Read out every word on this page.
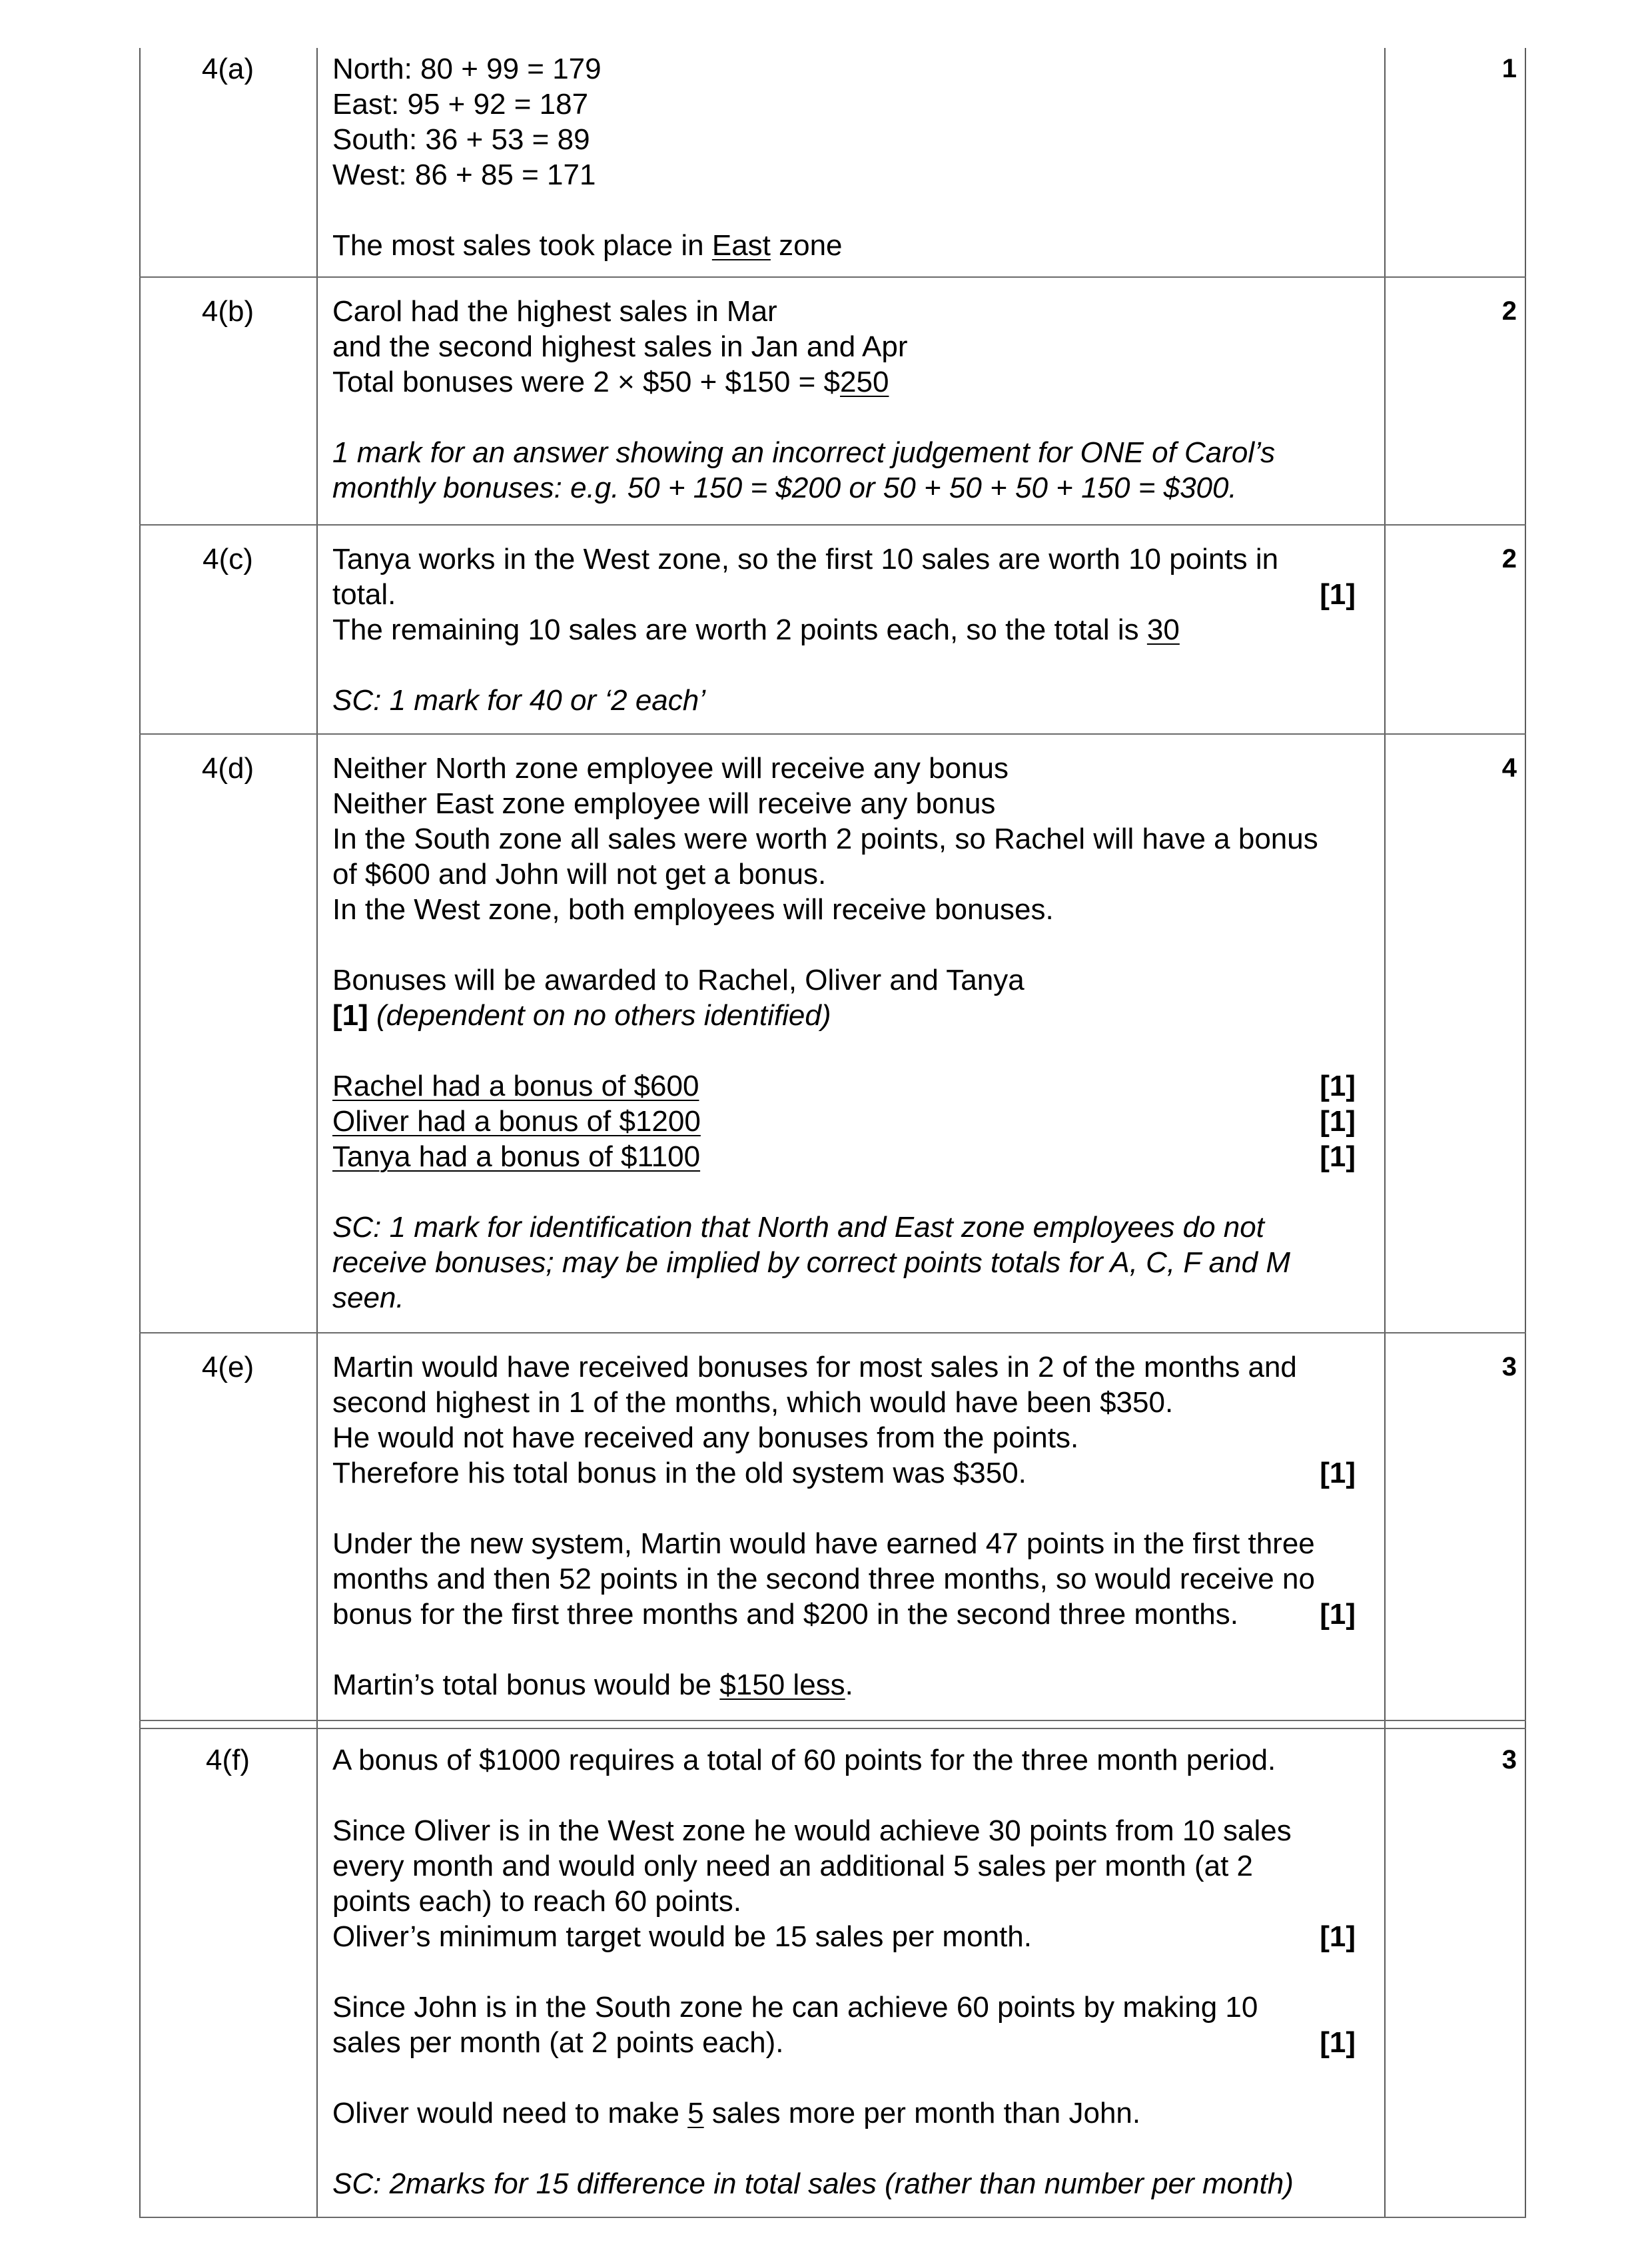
4(a)	North: 80 + 99 = 179
East: 95 + 92 = 187
South: 36 + 53 = 89
West: 86 + 85 = 171
The most sales took place in East zone
1
4(b)	Carol had the highest sales in Mar
and the second highest sales in Jan and Apr
Total bonuses were 2 × $50 + $150 = $250
1 mark for an answer showing an incorrect judgement for ONE of Carol’s
monthly bonuses: e.g. 50 + 150 = $200 or 50 + 50 + 50 + 150 = $300.
2
4(c)	Tanya works in the West zone, so the first 10 sales are worth 10 points in
total.	[1]
The remaining 10 sales are worth 2 points each, so the total is 30
SC: 1 mark for 40 or ‘2 each’
2
4(d)	Neither North zone employee will receive any bonus
Neither East zone employee will receive any bonus
In the South zone all sales were worth 2 points, so Rachel will have a bonus
of $600 and John will not get a bonus.
In the West zone, both employees will receive bonuses.
Bonuses will be awarded to Rachel, Oliver and Tanya
[1] (dependent on no others identified)
Rachel had a bonus of $600	[1]
Oliver had a bonus of $1200	[1]
Tanya had a bonus of $1100	[1]
SC: 1 mark for identification that North and East zone employees do not
receive bonuses; may be implied by correct points totals for A, C, F and M
seen.
4
4(e)	Martin would have received bonuses for most sales in 2 of the months and
second highest in 1 of the months, which would have been $350.
He would not have received any bonuses from the points.
Therefore his total bonus in the old system was $350.	[1]
Under the new system, Martin would have earned 47 points in the first three
months and then 52 points in the second three months, so would receive no
bonus for the first three months and $200 in the second three months.	[1]
Martin’s total bonus would be $150 less.
3
4(f)	A bonus of $1000 requires a total of 60 points for the three month period.
Since Oliver is in the West zone he would achieve 30 points from 10 sales
every month and would only need an additional 5 sales per month (at 2
points each) to reach 60 points.
Oliver’s minimum target would be 15 sales per month.	[1]
Since John is in the South zone he can achieve 60 points by making 10
sales per month (at 2 points each).	[1]
Oliver would need to make 5 sales more per month than John.
SC: 2marks for 15 difference in total sales (rather than number per month)
3
